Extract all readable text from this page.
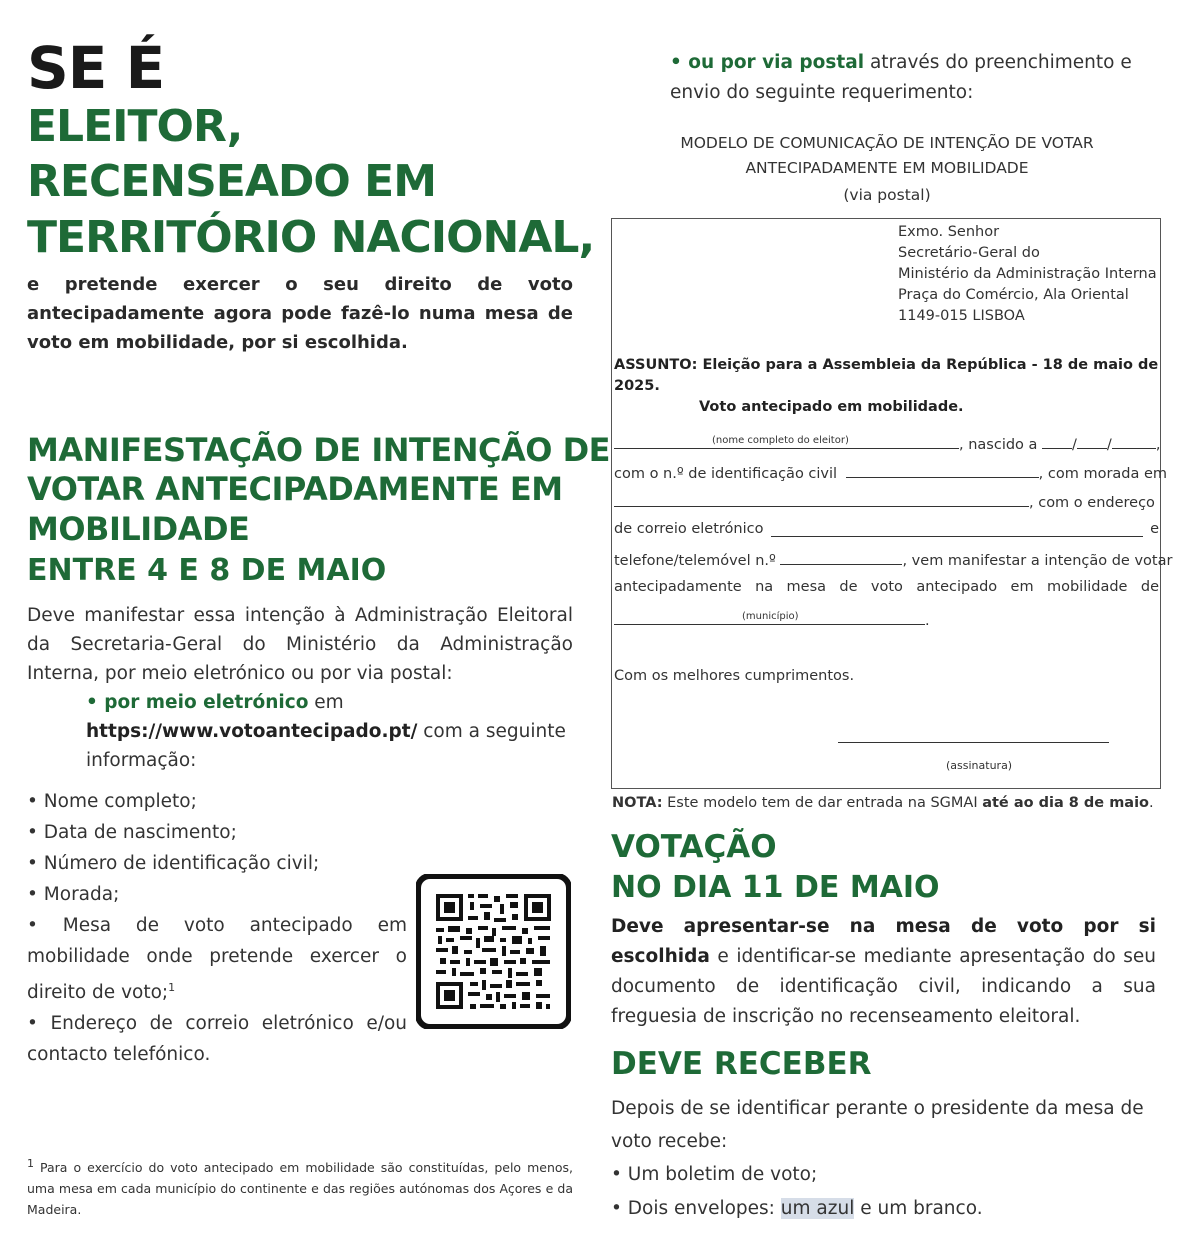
SE É
ELEITOR,
RECENSEADO EM
TERRITÓRIO NACIONAL,
e pretende exercer o seu direito de voto antecipadamente agora pode fazê-lo numa mesa de voto em mobilidade, por si escolhida.
MANIFESTAÇÃO DE INTENÇÃO DE
VOTAR ANTECIPADAMENTE EM
MOBILIDADE
ENTRE 4 E 8 DE MAIO
Deve manifestar essa intenção à Administração Eleitoral da Secretaria-Geral do Ministério da Administração Interna, por meio eletrónico ou por via postal:
• por meio eletrónico em
https://www.votoantecipado.pt/ com a seguinte informação:
• Nome completo;
• Data de nascimento;
• Número de identificação civil;
• Morada;
• Mesa de voto antecipado em mobilidade onde pretende exercer o direito de voto;$^1$
• Endereço de correio eletrónico e/ou contacto telefónico.
$^1$ Para o exercício do voto antecipado em mobilidade são constituídas, pelo menos, uma mesa em cada município do continente e das regiões autónomas dos Açores e da Madeira.
• ou por via postal através do preenchimento e envio do seguinte requerimento:
MODELO DE COMUNICAÇÃO DE INTENÇÃO DE VOTAR
ANTECIPADAMENTE EM MOBILIDADE
(via postal)
Exmo. Senhor
Secretário-Geral do
Ministério da Administração Interna
Praça do Comércio, Ala Oriental
1149-015 LISBOA
ASSUNTO: Eleição para a Assembleia da República - 18 de maio de 2025.
Voto antecipado em mobilidade.
(nome completo do eleitor)	, nascido a / /	,
com o n.º de identificação civil	, com morada em
, com o endereço
de correio eletrónico	e
telefone/telemóvel n.º	, vem manifestar a intenção de votar
antecipadamente na mesa de voto antecipado em mobilidade de
(município)	.
Com os melhores cumprimentos.
(assinatura)
NOTA: Este modelo tem de dar entrada na SGMAI até ao dia 8 de maio.
VOTAÇÃO
NO DIA 11 DE MAIO
Deve apresentar-se na mesa de voto por si escolhida e identificar-se mediante apresentação do seu documento de identificação civil, indicando a sua freguesia de inscrição no recenseamento eleitoral.
DEVE RECEBER
Depois de se identificar perante o presidente da mesa de voto recebe:
• Um boletim de voto;
• Dois envelopes: um azul e um branco.
